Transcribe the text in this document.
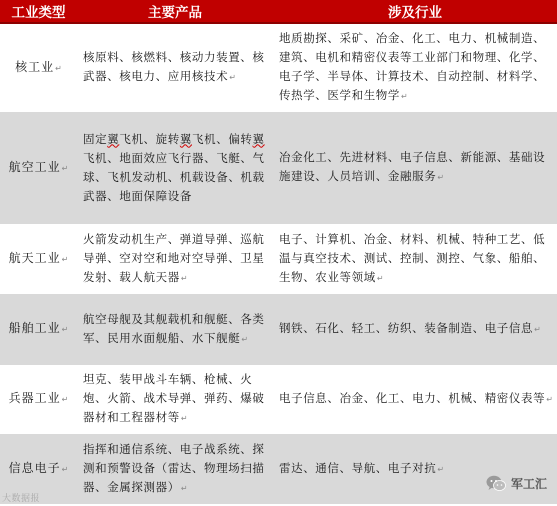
工业类型	主要产品	涉及行业
核工业↵	核原料、核燃料、核动力装置、核武器、核电力、应用核技术↵	地质勘探、采矿、冶金、化工、电力、机械制造、建筑、电机和精密仪表等工业部门和物理、化学、电子学、半导体、计算技术、自动控制、材料学、传热学、医学和生物学↵
航空工业↵	固定翼飞机、旋转翼飞机、偏转翼飞机、地面效应飞行器、飞艇、气球、飞机发动机、机载设备、机载武器、地面保障设备	冶金化工、先进材料、电子信息、新能源、基础设施建设、人员培训、金融服务↵
航天工业↵	火箭发动机生产、弹道导弹、巡航导弹、空对空和地对空导弹、卫星发射、载人航天器↵	电子、计算机、冶金、材料、机械、特种工艺、低温与真空技术、测试、控制、测控、气象、船舶、生物、农业等领域↵
船舶工业↵	航空母舰及其舰载机和舰艇、各类军、民用水面舰船、水下舰艇↵	钢铁、石化、轻工、纺织、装备制造、电子信息↵
兵器工业↵	坦克、装甲战斗车辆、枪械、火炮、火箭、战术导弹、弹药、爆破器材和工程器材等↵	电子信息、冶金、化工、电力、机械、精密仪表等↵
信息电子↵	指挥和通信系统、电子战系统、探测和预警设备（雷达、物理场扫描器、金属探测器）↵	雷达、通信、导航、电子对抗↵
大数据报
军工汇
